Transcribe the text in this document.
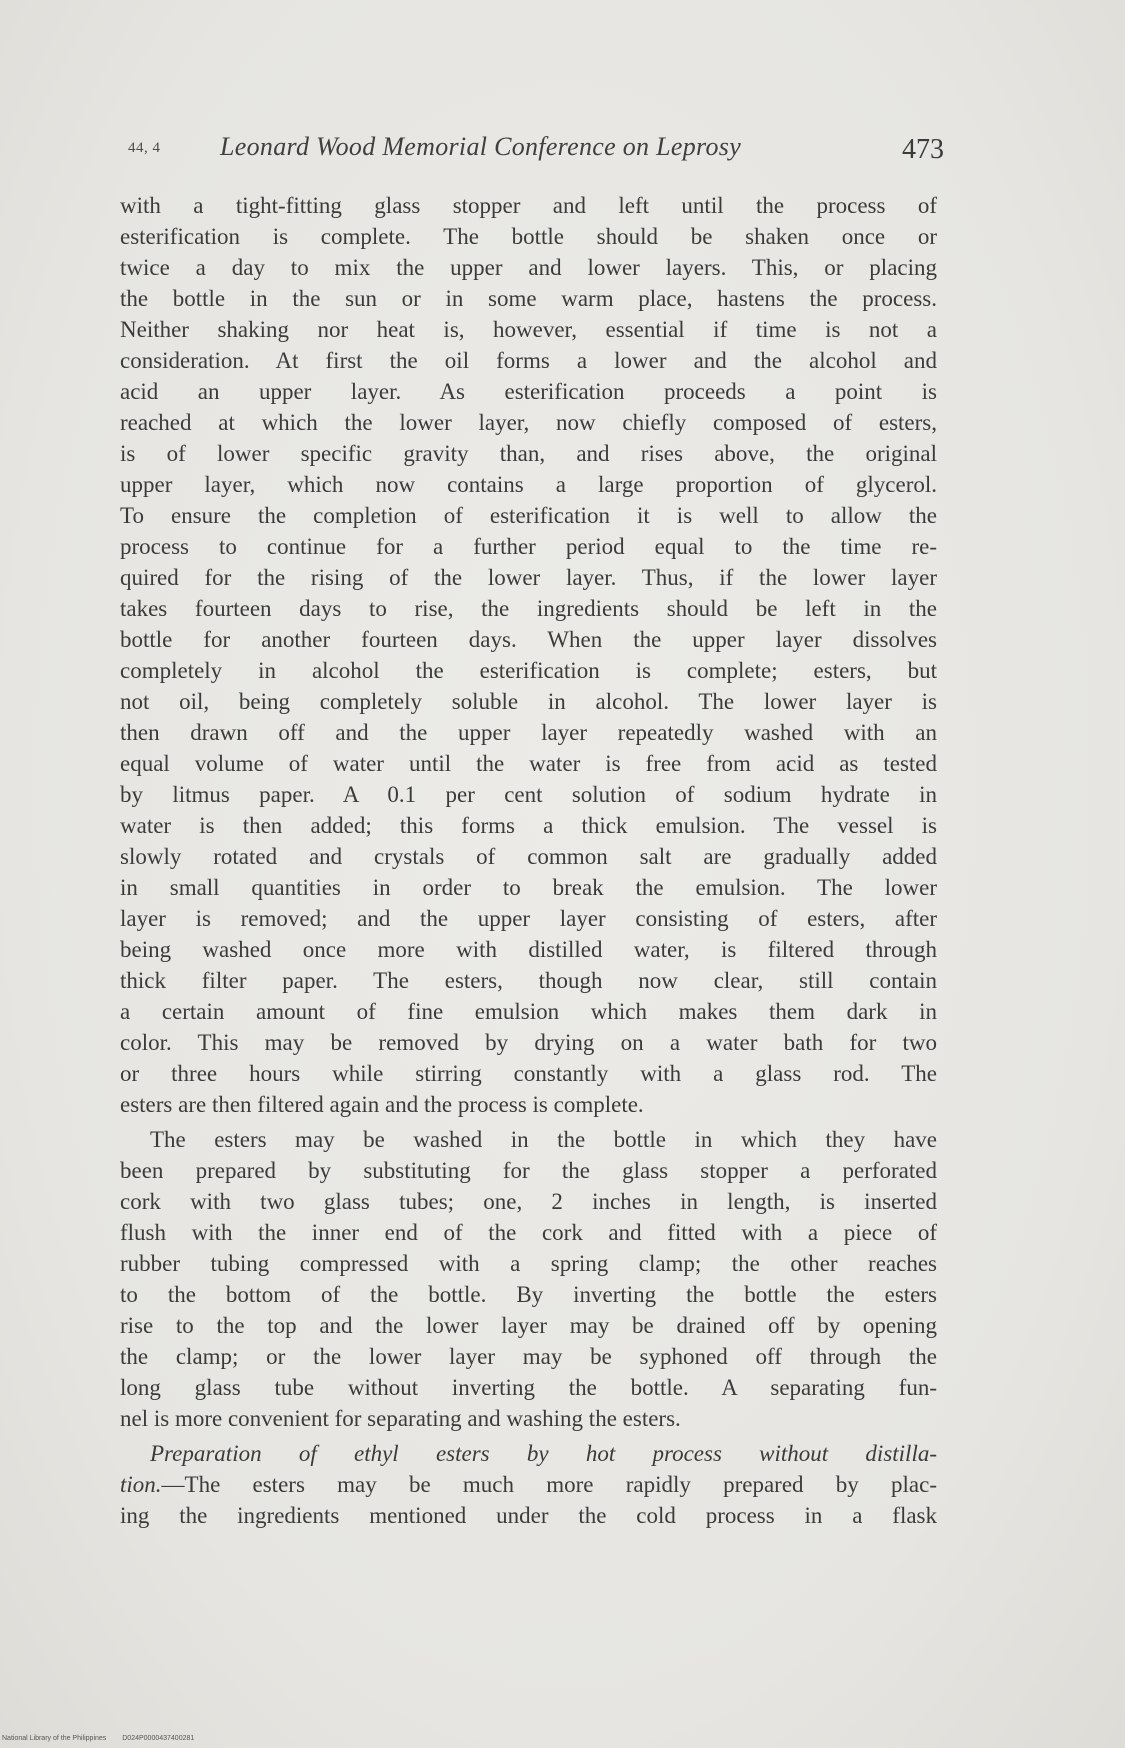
44, 4 Leonard Wood Memorial Conference on Leprosy	473
with a tight-fitting glass stopper and left until the process of
esterification is complete. The bottle should be shaken once or
twice a day to mix the upper and lower layers. This, or placing
the bottle in the sun or in some warm place, hastens the process.
Neither shaking nor heat is, however, essential if time is not a
consideration. At first the oil forms a lower and the alcohol and
acid an upper layer. As esterification proceeds a point is
reached at which the lower layer, now chiefly composed of esters,
is of lower specific gravity than, and rises above, the original
upper layer, which now contains a large proportion of glycerol.
To ensure the completion of esterification it is well to allow the
process to continue for a further period equal to the time re-
quired for the rising of the lower layer. Thus, if the lower layer
takes fourteen days to rise, the ingredients should be left in the
bottle for another fourteen days. When the upper layer dissolves
completely in alcohol the esterification is complete; esters, but
not oil, being completely soluble in alcohol. The lower layer is
then drawn off and the upper layer repeatedly washed with an
equal volume of water until the water is free from acid as tested
by litmus paper. A 0.1 per cent solution of sodium hydrate in
water is then added; this forms a thick emulsion. The vessel is
slowly rotated and crystals of common salt are gradually added
in small quantities in order to break the emulsion. The lower
layer is removed; and the upper layer consisting of esters, after
being washed once more with distilled water, is filtered through
thick filter paper. The esters, though now clear, still contain
a certain amount of fine emulsion which makes them dark in
color. This may be removed by drying on a water bath for two
or three hours while stirring constantly with a glass rod. The
esters are then filtered again and the process is complete.
The esters may be washed in the bottle in which they have
been prepared by substituting for the glass stopper a perforated
cork with two glass tubes; one, 2 inches in length, is inserted
flush with the inner end of the cork and fitted with a piece of
rubber tubing compressed with a spring clamp; the other reaches
to the bottom of the bottle. By inverting the bottle the esters
rise to the top and the lower layer may be drained off by opening
the clamp; or the lower layer may be syphoned off through the
long glass tube without inverting the bottle. A separating fun-
nel is more convenient for separating and washing the esters.
Preparation of ethyl esters by hot process without distilla-
tion.—The esters may be much more rapidly prepared by plac-
ing the ingredients mentioned under the cold process in a flask
National Library of the Philippines D024P0000437400281
